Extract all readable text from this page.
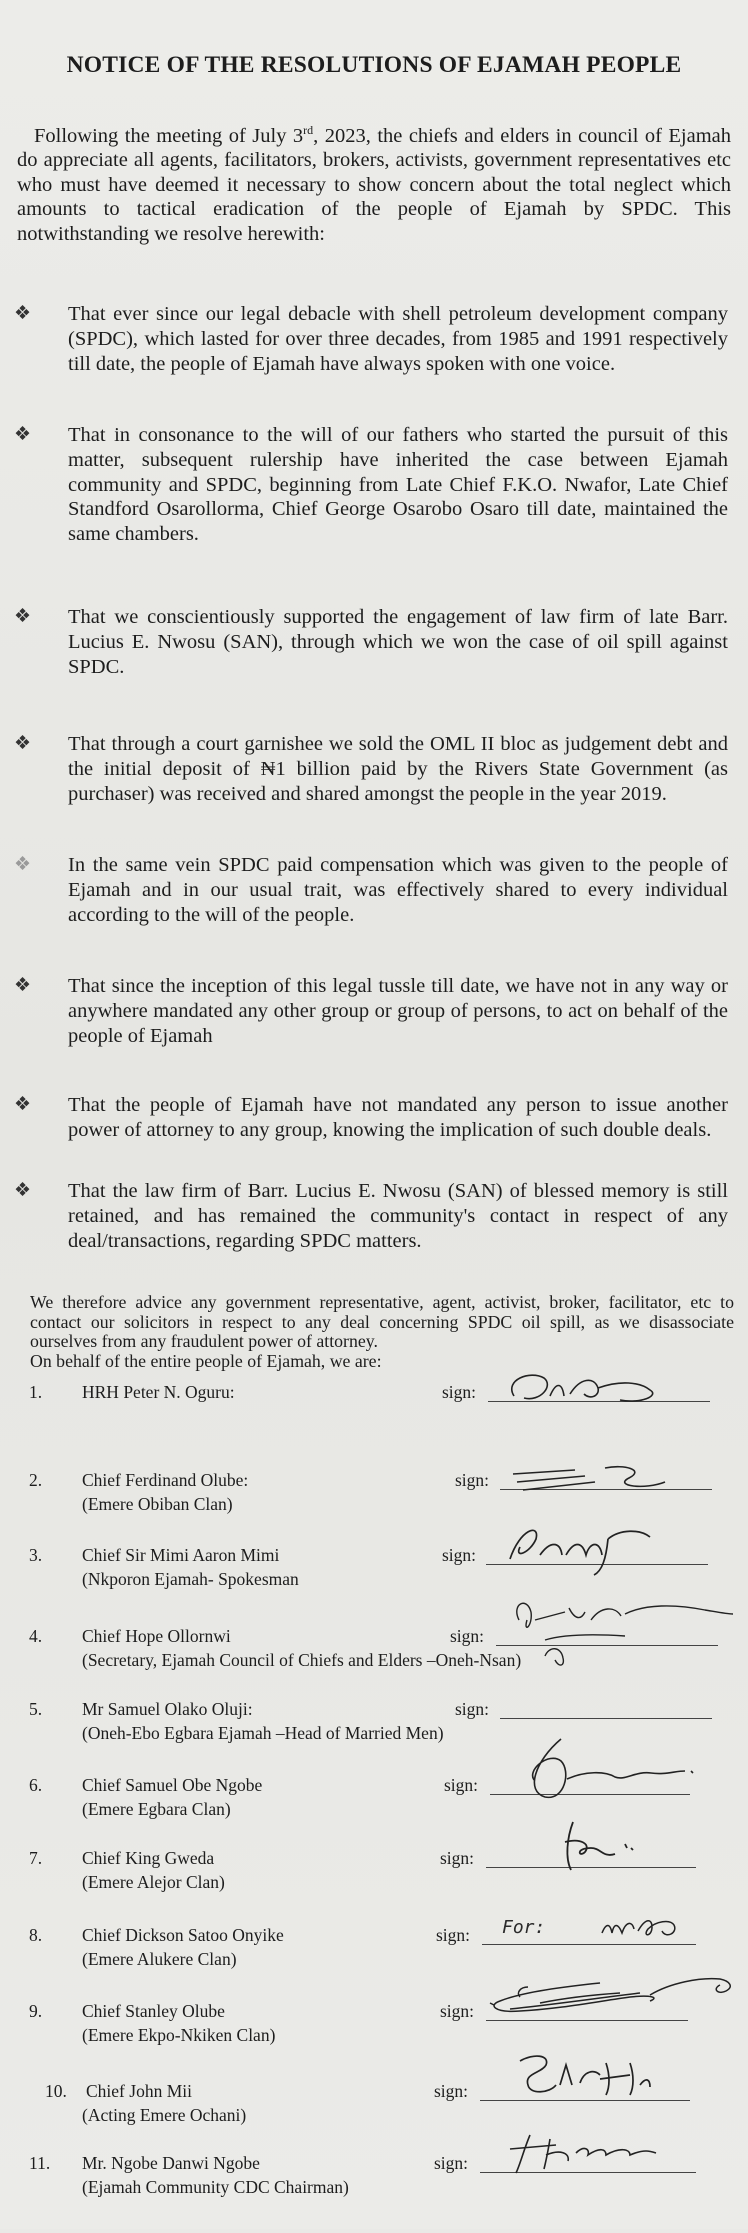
NOTICE OF THE RESOLUTIONS OF EJAMAH PEOPLE
Following the meeting of July 3rd, 2023, the chiefs and elders in council of Ejamah do appreciate all agents, facilitators, brokers, activists, government representatives etc who must have deemed it necessary to show concern about the total neglect which amounts to tactical eradication of the people of Ejamah by SPDC. This notwithstanding we resolve herewith:
❖ That ever since our legal debacle with shell petroleum development company (SPDC), which lasted for over three decades, from 1985 and 1991 respectively till date, the people of Ejamah have always spoken with one voice.
❖ That in consonance to the will of our fathers who started the pursuit of this matter, subsequent rulership have inherited the case between Ejamah community and SPDC, beginning from Late Chief F.K.O. Nwafor, Late Chief Standford Osarollorma, Chief George Osarobo Osaro till date, maintained the same chambers.
❖ That we conscientiously supported the engagement of law firm of late Barr. Lucius E. Nwosu (SAN), through which we won the case of oil spill against SPDC.
❖ That through a court garnishee we sold the OML II bloc as judgement debt and the initial deposit of ₦1 billion paid by the Rivers State Government (as purchaser) was received and shared amongst the people in the year 2019.
❖ In the same vein SPDC paid compensation which was given to the people of Ejamah and in our usual trait, was effectively shared to every individual according to the will of the people.
❖ That since the inception of this legal tussle till date, we have not in any way or anywhere mandated any other group or group of persons, to act on behalf of the people of Ejamah
❖ That the people of Ejamah have not mandated any person to issue another power of attorney to any group, knowing the implication of such double deals.
❖ That the law firm of Barr. Lucius E. Nwosu (SAN) of blessed memory is still retained, and has remained the community's contact in respect of any deal/transactions, regarding SPDC matters.
We therefore advice any government representative, agent, activist, broker, facilitator, etc to contact our solicitors in respect to any deal concerning SPDC oil spill, as we disassociate ourselves from any fraudulent power of attorney.
On behalf of the entire people of Ejamah, we are:
1. HRH Peter N. Oguru:	sign:
2. Chief Ferdinand Olube:
(Emere Obiban Clan)
sign:
3. Chief Sir Mimi Aaron Mimi
(Nkporon Ejamah- Spokesman
sign:
4. Chief Hope Ollornwi
(Secretary, Ejamah Council of Chiefs and Elders –Oneh-Nsan)
sign:
5. Mr Samuel Olako Oluji:
(Oneh-Ebo Egbara Ejamah –Head of Married Men)
sign:
6. Chief Samuel Obe Ngobe
(Emere Egbara Clan)
sign:
7. Chief King Gweda
(Emere Alejor Clan)
sign:
8. Chief Dickson Satoo Onyike
(Emere Alukere Clan)
sign: For:
9. Chief Stanley Olube
(Emere Ekpo-Nkiken Clan)
sign:
10. Chief John Mii
(Acting Emere Ochani)
sign:
11. Mr. Ngobe Danwi Ngobe
(Ejamah Community CDC Chairman)
sign:
